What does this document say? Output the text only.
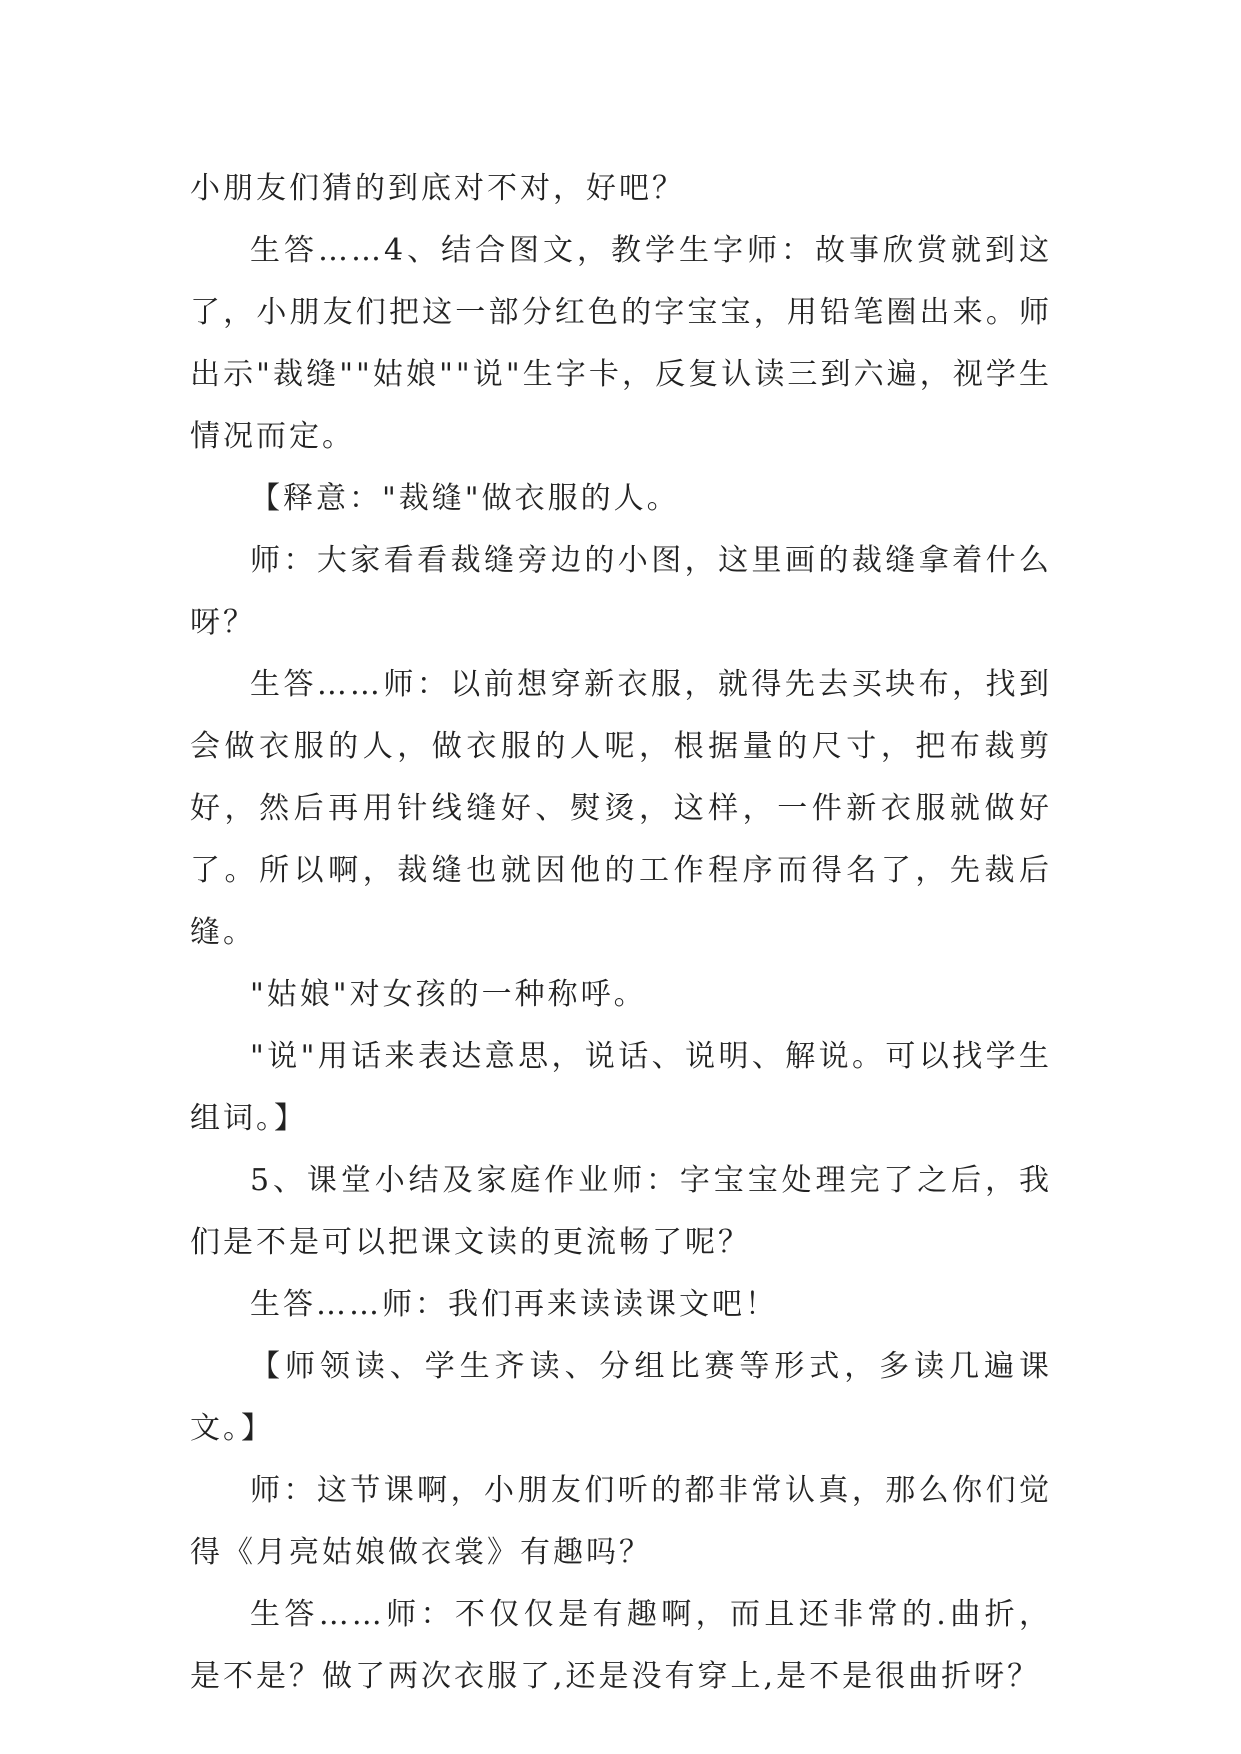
小朋友们猜的到底对不对，好吧？

生答……4、结合图文，教学生字师：故事欣赏就到这了，小朋友们把这一部分红色的字宝宝，用铅笔圈出来。师出示"裁缝""姑娘""说"生字卡，反复认读三到六遍，视学生情况而定。

【释意："裁缝"做衣服的人。

师：大家看看裁缝旁边的小图，这里画的裁缝拿着什么呀？

生答……师：以前想穿新衣服，就得先去买块布，找到会做衣服的人，做衣服的人呢，根据量的尺寸，把布裁剪好，然后再用针线缝好、熨烫，这样，一件新衣服就做好了。所以啊，裁缝也就因他的工作程序而得名了，先裁后缝。

"姑娘"对女孩的一种称呼。

"说"用话来表达意思，说话、说明、解说。可以找学生组词。】

5、课堂小结及家庭作业师：字宝宝处理完了之后，我们是不是可以把课文读的更流畅了呢？

生答……师：我们再来读读课文吧！

【师领读、学生齐读、分组比赛等形式，多读几遍课文。】

师：这节课啊，小朋友们听的都非常认真，那么你们觉得《月亮姑娘做衣裳》有趣吗？

生答……师：不仅仅是有趣啊，而且还非常的.曲折，是不是？做了两次衣服了,还是没有穿上,是不是很曲折呀？
